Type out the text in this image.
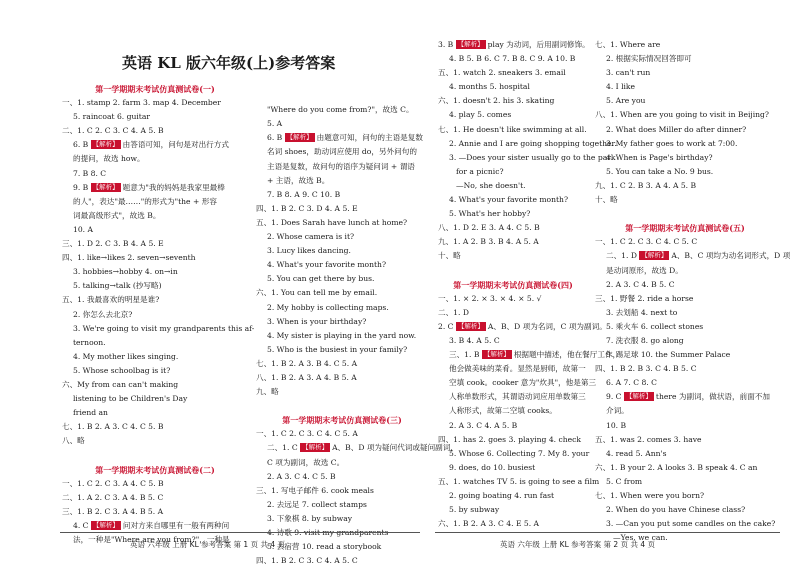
英语 KL 版六年级(上)参考答案
第一学期期末考试仿真测试卷(一)
一、1. stamp 2. farm 3. map 4. December
5. raincoat 6. guitar
二、1. C 2. C 3. C 4. A 5. B
6. B 【解析】 由答语可知，问句是对出行方式
的提问，故选 how。
7. B 8. C
9. B 【解析】 题意为"我的妈妈是我家里最棒
的人"，表达"最……"的形式为"the + 形容
词最高级形式"，故选 B。
10. A
三、1. D 2. C 3. B 4. A 5. E
四、1. like→likes 2. seven→seventh
3. hobbies→hobby 4. on→in
5. talking→talk (抄写略)
五、1. 我最喜欢的明星是谁?
2. 你怎么去北京?
3. We're going to visit my grandparents this af-
ternoon.
4. My mother likes singing.
5. Whose schoolbag is it?
六、My from can can't making
listening to be Children's Day
friend an
七、1. B 2. A 3. C 4. C 5. B
八、略

第一学期期末考试仿真测试卷(二)
一、1. C 2. C 3. A 4. C 5. B
二、1. A 2. C 3. A 4. B 5. C
三、1. B 2. C 3. A 4. B 5. A
4. C 【解析】 问对方来自哪里有一般有两种问
法，一种是"Where are you from?"，一种是

"Where do you come from?"，故选 C。
5. A
6. B 【解析】 由题意可知，问句的主语是复数
名词 shoes，助动词应使用 do，另外问句的
主语是复数，故问句的语序为疑问词 + 谓语
+ 主语，故选 B。
7. B 8. A 9. C 10. B
四、1. B 2. C 3. D 4. A 5. E
五、1. Does Sarah have lunch at home?
2. Whose camera is it?
3. Lucy likes dancing.
4. What's your favorite month?
5. You can get there by bus.
六、1. You can tell me by email.
2. My hobby is collecting maps.
3. When is your birthday?
4. My sister is playing in the yard now.
5. Who is the busiest in your family?
七、1. B 2. A 3. B 4. C 5. A
八、1. B 2. A 3. A 4. B 5. A
九、略

第一学期期末考试仿真测试卷(三)
一、1. C 2. C 3. C 4. C 5. A
二、1. C 【解析】 A、B、D 项为疑问代词或疑问副词，
C 项为副词，故选 C。
2. A 3. C 4. C 5. B
三、1. 写电子邮件 6. cook meals
2. 去远足 7. collect stamps
3. 下象棋 8. by subway
5. 去宿营 10. read a storybook
四、1. B 2. C 3. C 4. A 5. C
3. B 【解析】 play 为动词，后用副词修饰。
4. B 5. B 6. C 7. B 8. C 9. A 10. B
五、1. watch 2. sneakers 3. email
4. months 5. hospital
六、1. doesn't 2. his 3. skating
4. play 5. comes
七、1. He doesn't like swimming at all.
2. Annie and I are going shopping together.
3. —Does your sister usually go to the park
for a picnic?
—No, she doesn't.
4. What's your favorite month?
5. What's her hobby?
八、1. D 2. E 3. A 4. C 5. B
九、1. A 2. B 3. B 4. A 5. A
十、略

第一学期期末考试仿真测试卷(四)
一、1. × 2. × 3. × 4. × 5. √
二、1. D
2. C 【解析】 A、B、D 项为名词，C 项为副词。
3. B 4. A 5. C
三、1. B 【解析】 根据题中描述，他在餐厅工作，
他会做美味的菜肴。显然是厨师，故第一
空填 cook。cooker 意为"炊具"，他是第三
人称单数形式，其谓语动词应用单数第三
人称形式，故第二空填 cooks。
2. A 3. C 4. A 5. B
四、1. has 2. goes 3. playing 4. check
5. Whose 6. Collecting 7. My 8. your
9. does, do 10. busiest
五、1. watches TV 5. is going to see a film
2. going boating 4. run fast
5. by subway
六、1. B 2. A 3. C 4. E 5. A
七、1. Where are
2. 根据实际情况回答即可
3. can't run
4. I like
5. Are you
八、1. When are you going to visit in Beijing?
2. What does Miller do after dinner?
3. My father goes to work at 7:00.
4. When is Page's birthday?
5. You can take a No. 9 bus.
九、1. C 2. B 3. A 4. A 5. B
十、略

第一学期期末考试仿真测试卷(五)
一、1. C 2. C 3. C 4. C 5. C
二、1. D 【解析】 A、B、C 项均为动名词形式，D 项
是动词原形，故选 D。
2. A 3. C 4. B 5. C
三、1. 野餐 2. ride a horse
3. 去划船 4. next to
5. 乘火车 6. collect stones
7. 洗衣服 8. go along
9. 踢足球 10. the Summer Palace
四、1. B 2. B 3. C 4. B 5. C
6. A 7. C 8. C
9. C 【解析】 there 为副词，做状语，前面不加
介词。
10. B
五、1. was 2. comes 3. have
4. read 5. Ann's
六、1. B your 2. A looks 3. B speak 4. C an
5. C from
七、1. When were you born?
2. When do you have Chinese class?
3. —Can you put some candles on the cake?
—Yes, we can.
英语 六年级 上册 KL 参考答案 第 1 页 共 4 页	英语 六年级 上册 KL 参考答案 第 2 页 共 4 页
